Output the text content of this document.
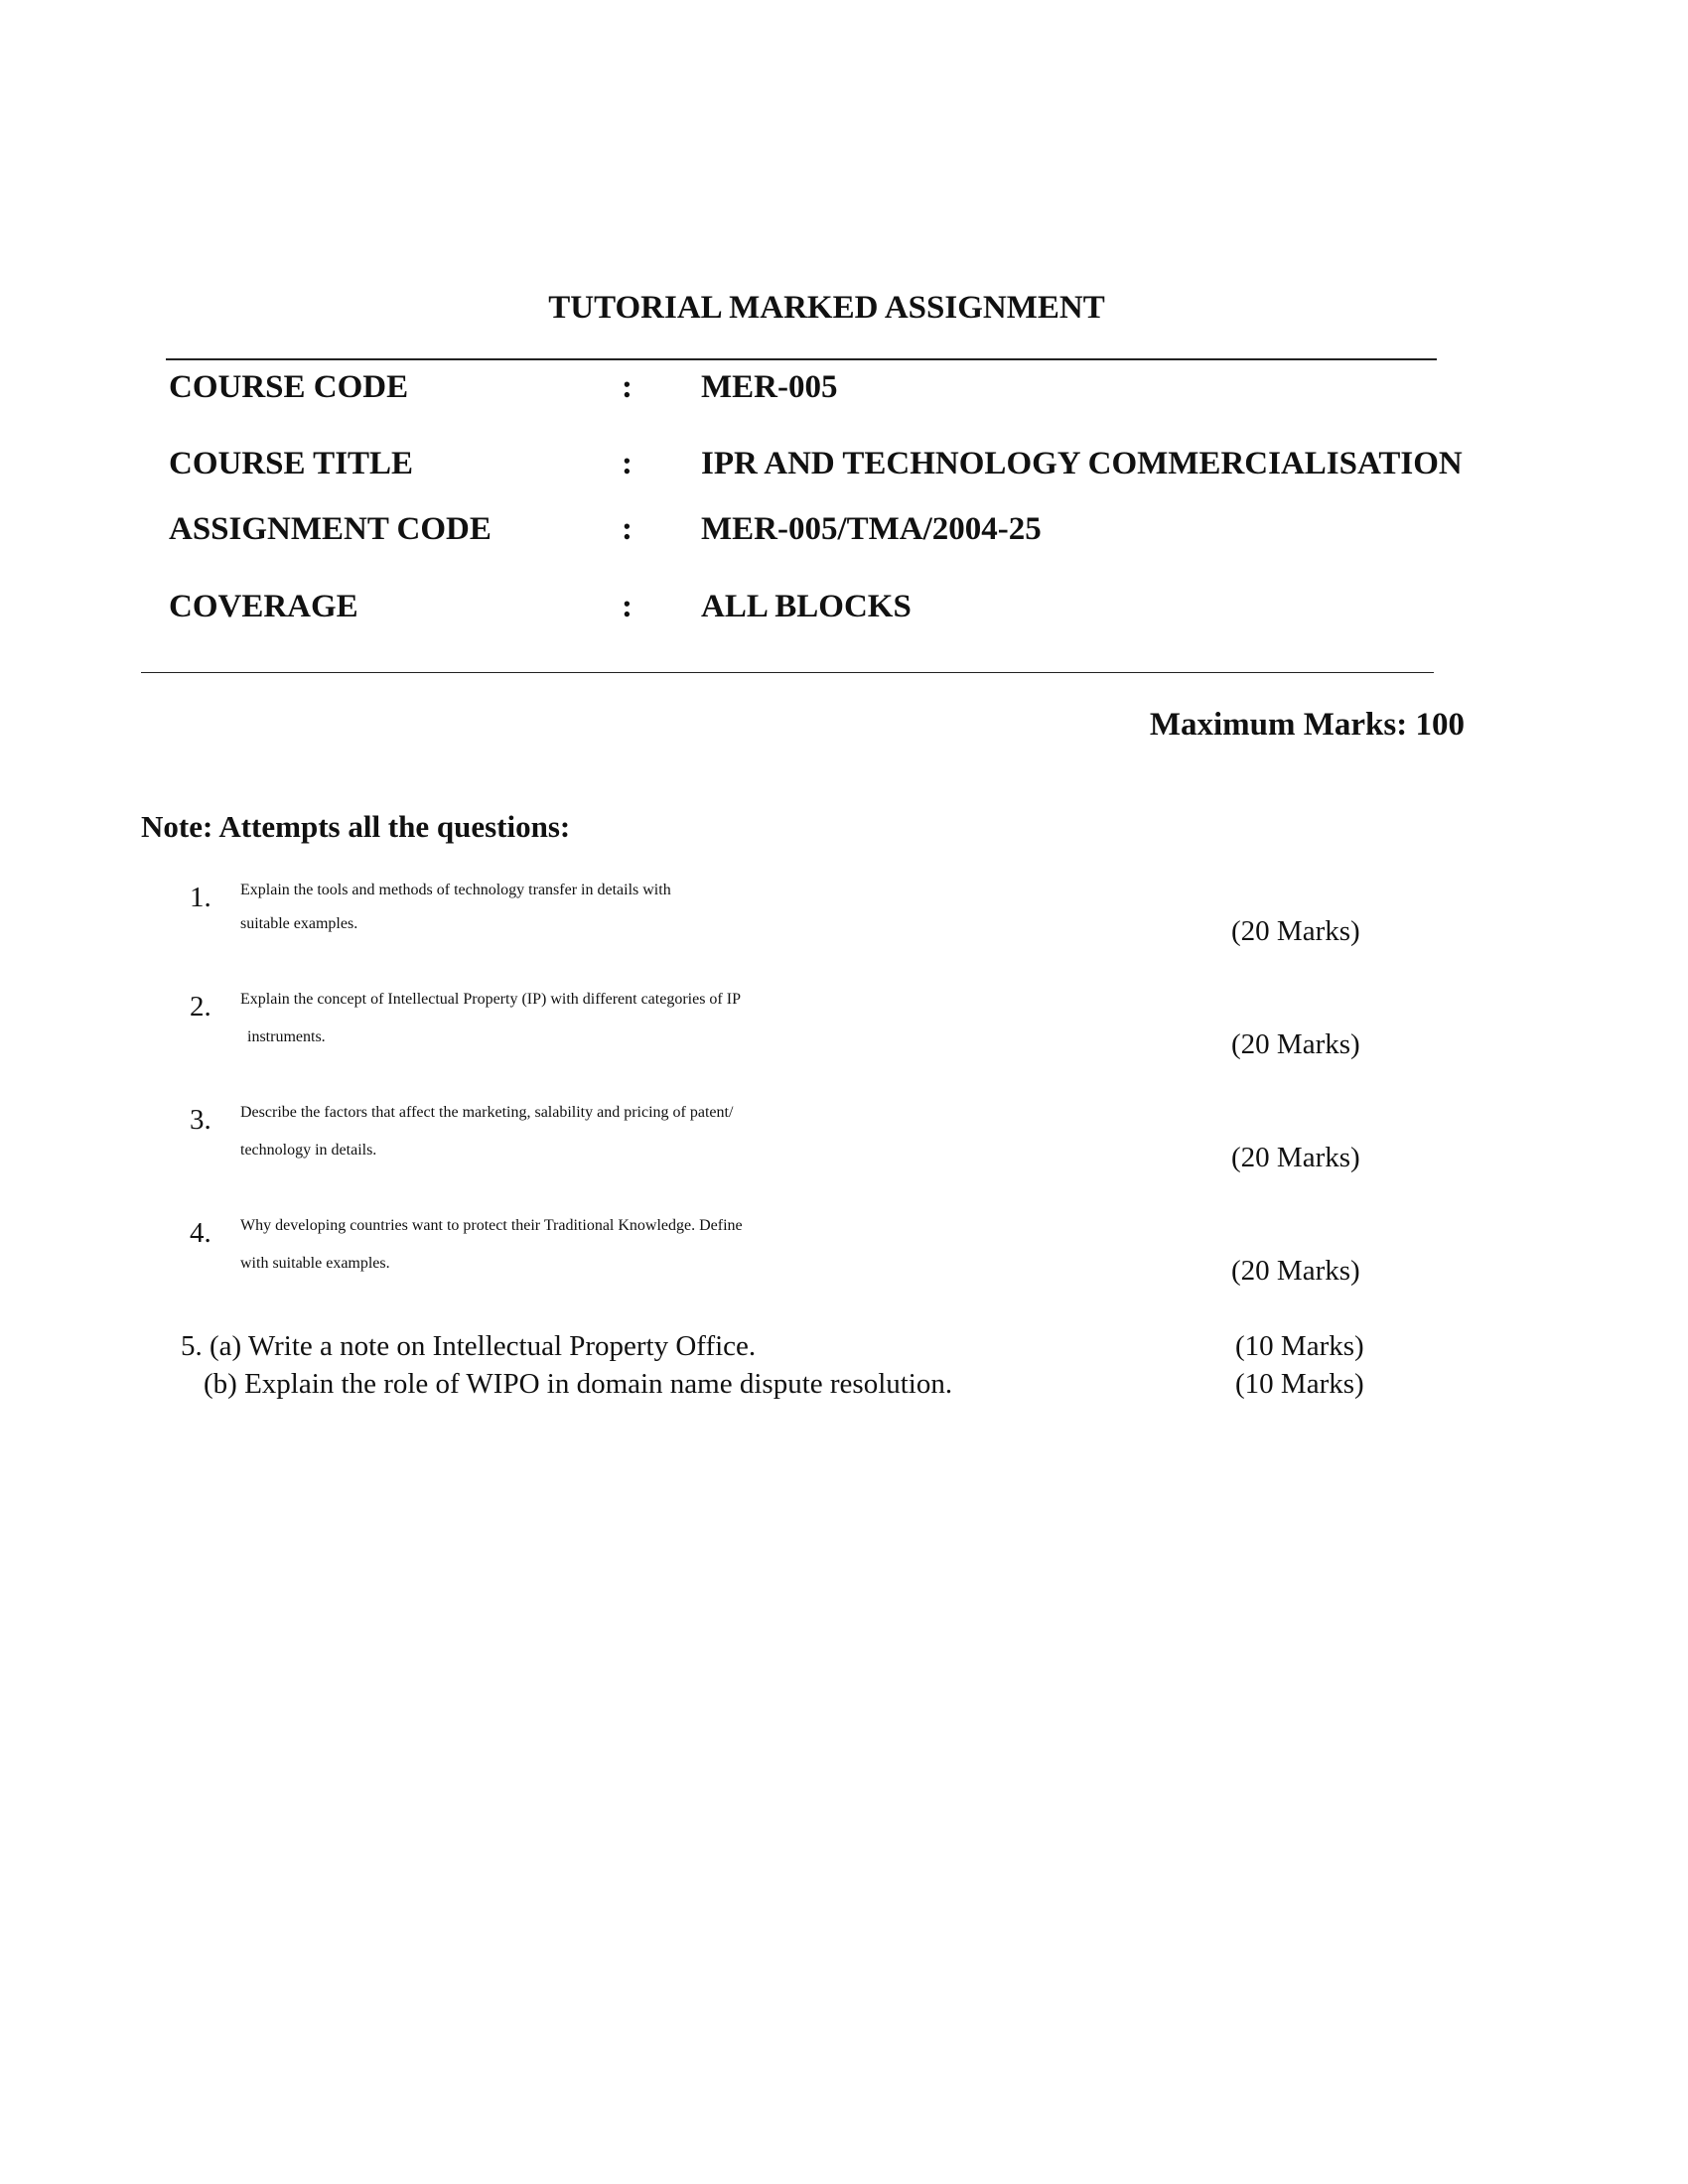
TUTORIAL MARKED ASSIGNMENT
COURSE CODE	: MER-005
COURSE TITLE	: IPR AND TECHNOLOGY COMMERCIALISATION
ASSIGNMENT CODE	: MER-005/TMA/2004-25
COVERAGE	: ALL BLOCKS
Maximum Marks: 100
Note: Attempts all the questions:
1. Explain the tools and methods of technology transfer in details with
suitable examples.	(20 Marks)
2. Explain the concept of Intellectual Property (IP) with different categories of IP
instruments.	(20 Marks)
3. Describe the factors that affect the marketing, salability and pricing of patent/
technology in details.	(20 Marks)
4. Why developing countries want to protect their Traditional Knowledge. Define
with suitable examples.	(20 Marks)
5. (a) Write a note on Intellectual Property Office.	(10 Marks)
(b) Explain the role of WIPO in domain name dispute resolution.	(10 Marks)
